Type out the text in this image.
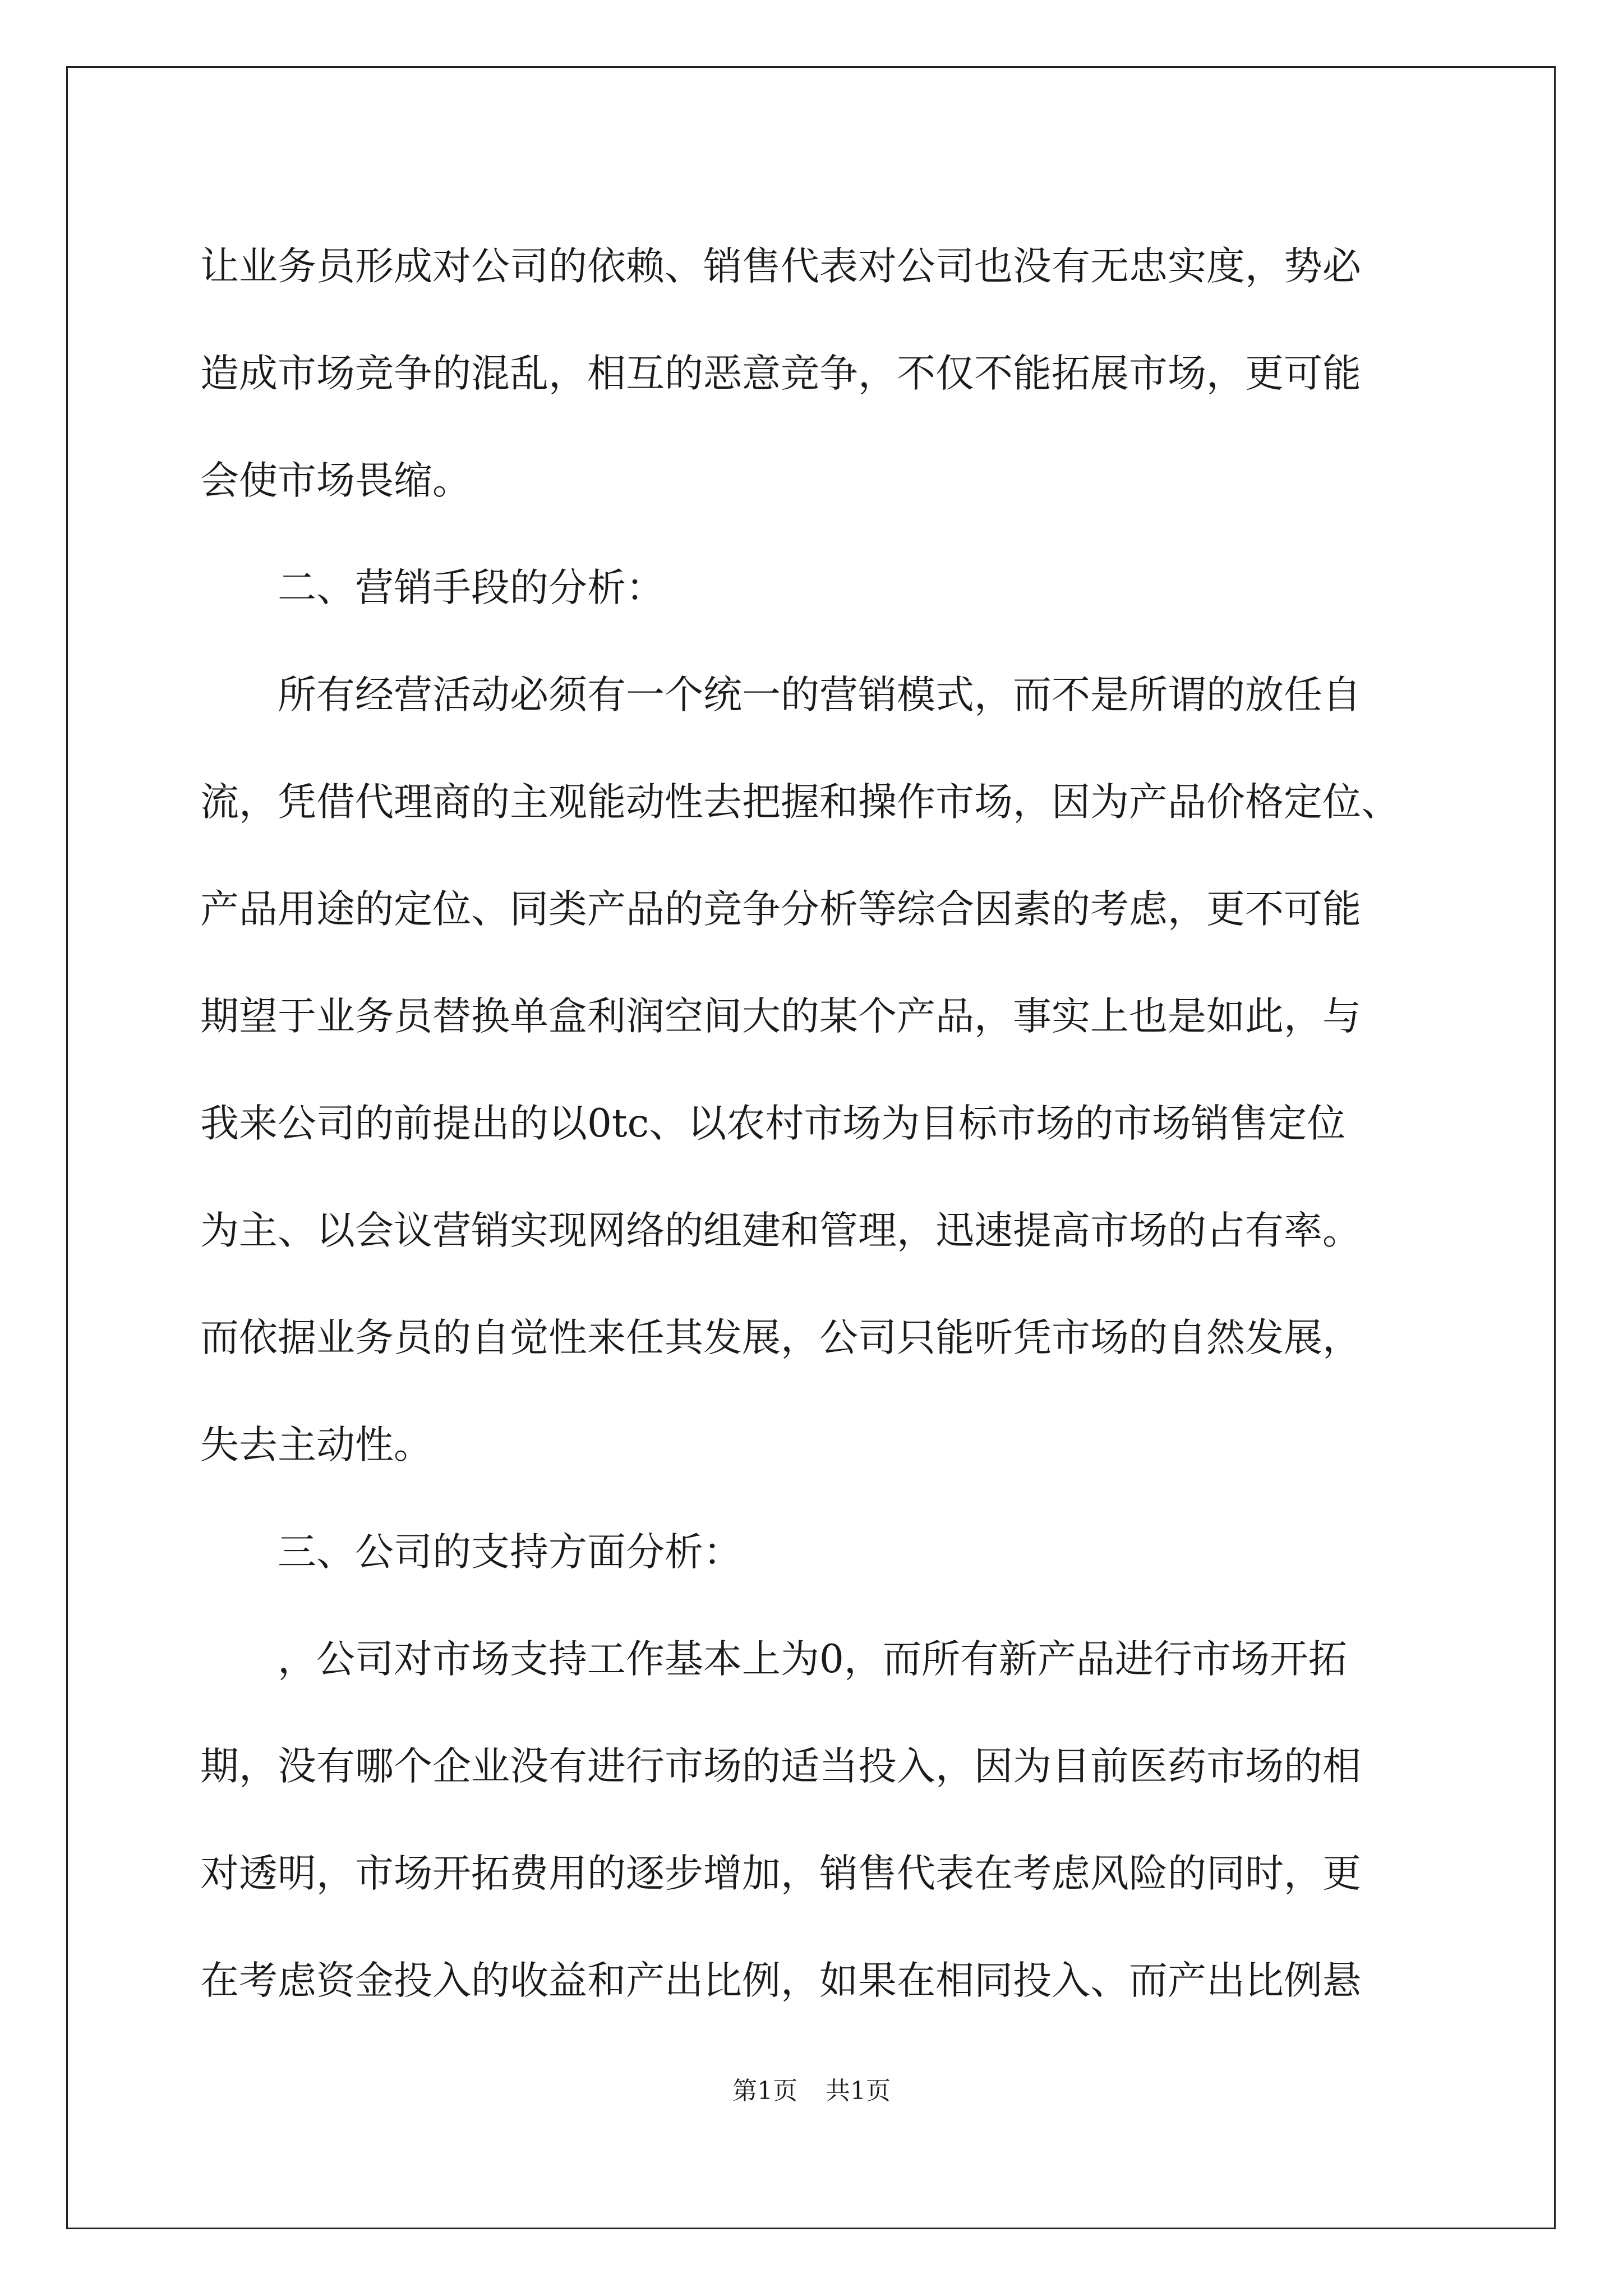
让业务员形成对公司的依赖、销售代表对公司也没有无忠实度，势必
造成市场竞争的混乱，相互的恶意竞争，不仅不能拓展市场，更可能
会使市场畏缩。
　　二、营销手段的分析：
　　所有经营活动必须有一个统一的营销模式，而不是所谓的放任自
流，凭借代理商的主观能动性去把握和操作市场，因为产品价格定位、
产品用途的定位、同类产品的竞争分析等综合因素的考虑，更不可能
期望于业务员替换单盒利润空间大的某个产品，事实上也是如此，与
我来公司的前提出的以0tc、以农村市场为目标市场的市场销售定位
为主、以会议营销实现网络的组建和管理，迅速提高市场的占有率。
而依据业务员的自觉性来任其发展，公司只能听凭市场的自然发展，
失去主动性。
　　三、公司的支持方面分析：
　　，公司对市场支持工作基本上为0，而所有新产品进行市场开拓
期，没有哪个企业没有进行市场的适当投入，因为目前医药市场的相
对透明，市场开拓费用的逐步增加，销售代表在考虑风险的同时，更
在考虑资金投入的收益和产出比例，如果在相同投入、而产出比例悬
第1页 共1页
